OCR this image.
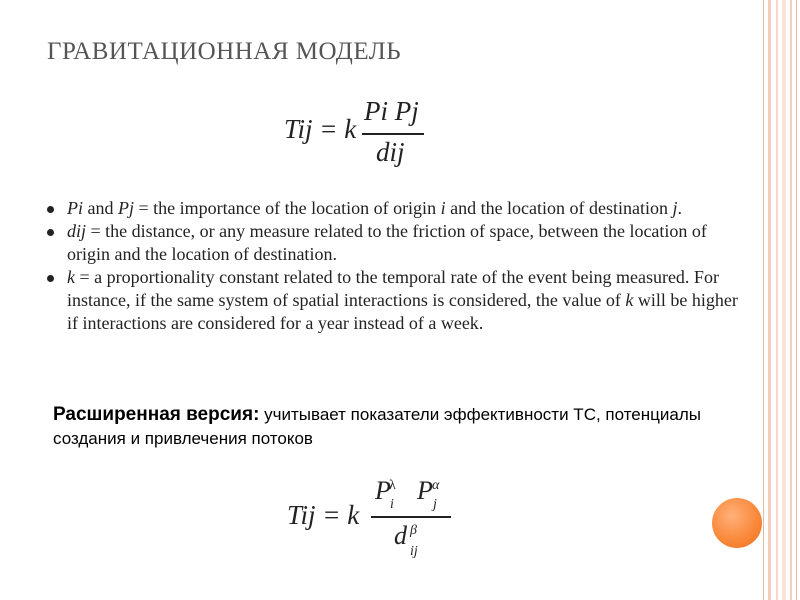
ГРАВИТАЦИОННАЯ МОДЕЛЬ
Tij = k
Pi Pj
dij
Pi and Pj = the importance of the location of origin i and the location of destination j.
dij = the distance, or any measure related to the friction of space, between the location of origin and the location of destination.
k = a proportionality constant related to the temporal rate of the event being measured. For instance, if the same system of spatial interactions is considered, the value of k will be higher if interactions are considered for a year instead of a week.
Расширенная версия: учитывает показатели эффективности ТС, потенциалы создания и привлечения потоков
Tij = k
P
λ
i P α
j
d β
ij
